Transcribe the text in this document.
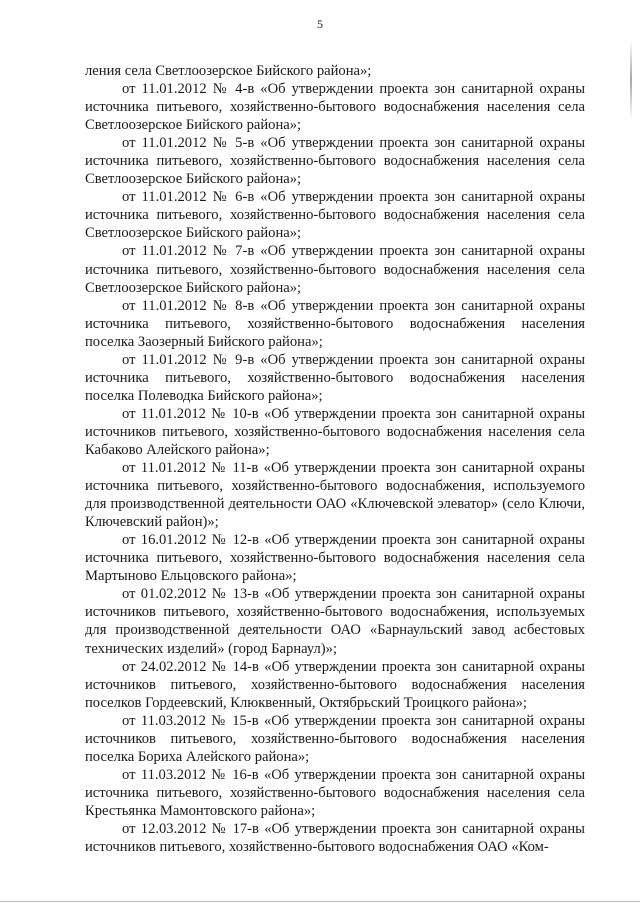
5

ления села Светлоозерское Бийского района»;

от 11.01.2012 № 4-в «Об утверждении проекта зон санитарной охраны источника питьевого, хозяйственно-бытового водоснабжения населения села Светлоозерское Бийского района»;

от 11.01.2012 № 5-в «Об утверждении проекта зон санитарной охраны источника питьевого, хозяйственно-бытового водоснабжения населения села Светлоозерское Бийского района»;

от 11.01.2012 № 6-в «Об утверждении проекта зон санитарной охраны источника питьевого, хозяйственно-бытового водоснабжения населения села Светлоозерское Бийского района»;

от 11.01.2012 № 7-в «Об утверждении проекта зон санитарной охраны источника питьевого, хозяйственно-бытового водоснабжения населения села Светлоозерское Бийского района»;

от 11.01.2012 № 8-в «Об утверждении проекта зон санитарной охраны источника питьевого, хозяйственно-бытового водоснабжения населения поселка Заозерный Бийского района»;

от 11.01.2012 № 9-в «Об утверждении проекта зон санитарной охраны источника питьевого, хозяйственно-бытового водоснабжения населения поселка Полеводка Бийского района»;

от 11.01.2012 № 10-в «Об утверждении проекта зон санитарной охраны источников питьевого, хозяйственно-бытового водоснабжения населения села Кабаково Алейского района»;

от 11.01.2012 № 11-в «Об утверждении проекта зон санитарной охраны источника питьевого, хозяйственно-бытового водоснабжения, используемого для производственной деятельности ОАО «Ключевской элеватор» (село Ключи, Ключевский район)»;

от 16.01.2012 № 12-в «Об утверждении проекта зон санитарной охраны источника питьевого, хозяйственно-бытового водоснабжения населения села Мартыново Ельцовского района»;

от 01.02.2012 № 13-в «Об утверждении проекта зон санитарной охраны источников питьевого, хозяйственно-бытового водоснабжения, используемых для производственной деятельности ОАО «Барнаульский завод асбестовых технических изделий» (город Барнаул)»;

от 24.02.2012 № 14-в «Об утверждении проекта зон санитарной охраны источников питьевого, хозяйственно-бытового водоснабжения населения поселков Гордеевский, Клюквенный, Октябрьский Троицкого района»;

от 11.03.2012 № 15-в «Об утверждении проекта зон санитарной охраны источников питьевого, хозяйственно-бытового водоснабжения населения поселка Бориха Алейского района»;

от 11.03.2012 № 16-в «Об утверждении проекта зон санитарной охраны источника питьевого, хозяйственно-бытового водоснабжения населения села Крестьянка Мамонтовского района»;

от 12.03.2012 № 17-в «Об утверждении проекта зон санитарной охраны источников питьевого, хозяйственно-бытового водоснабжения ОАО «Ком-
